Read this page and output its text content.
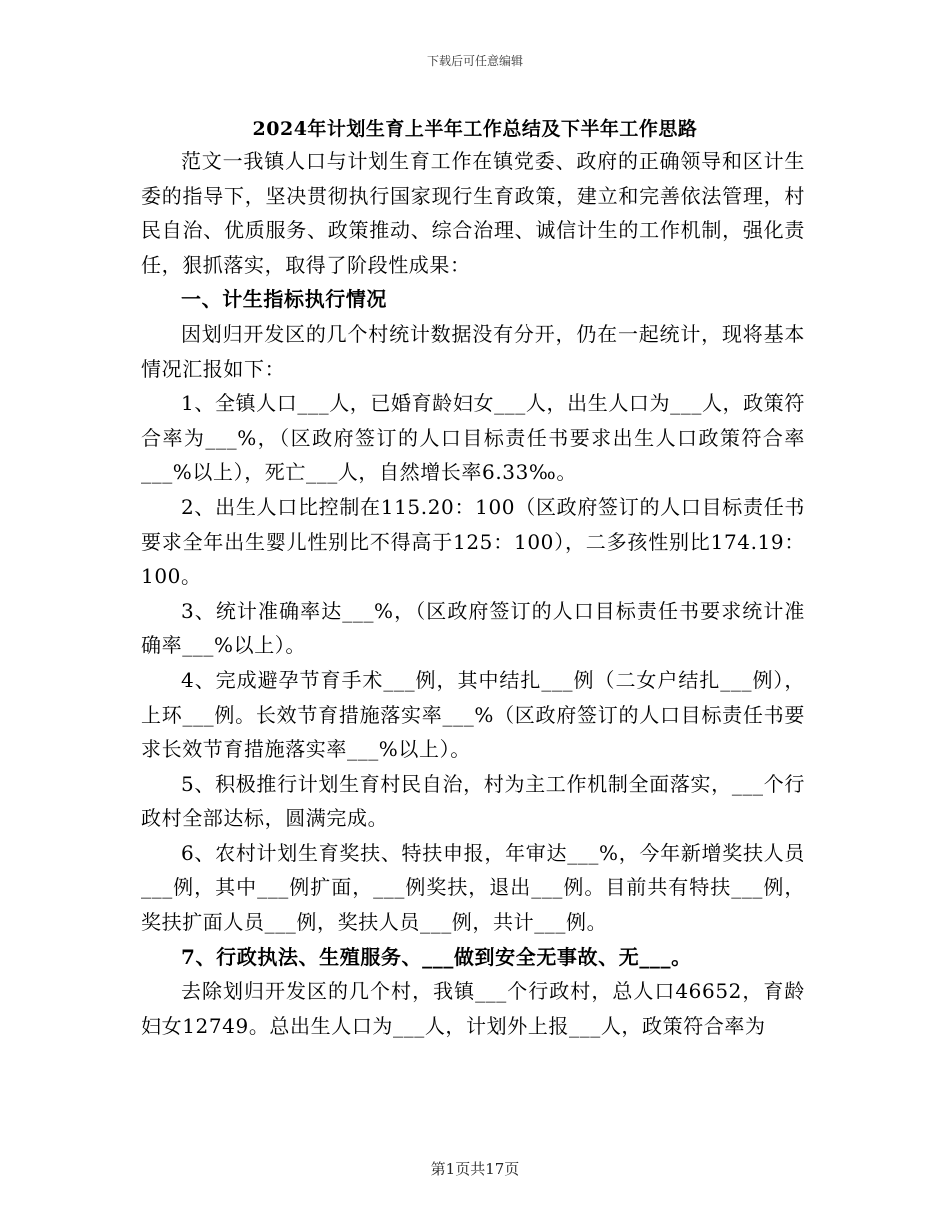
下载后可任意编辑
2024年计划生育上半年工作总结及下半年工作思路

范文一我镇人口与计划生育工作在镇党委、政府的正确领导和区计生委的指导下，坚决贯彻执行国家现行生育政策，建立和完善依法管理，村民自治、优质服务、政策推动、综合治理、诚信计生的工作机制，强化责任，狠抓落实，取得了阶段性成果：

一、计生指标执行情况

因划归开发区的几个村统计数据没有分开，仍在一起统计，现将基本情况汇报如下：

1、全镇人口___人，已婚育龄妇女___人，出生人口为___人，政策符合率为___%，（区政府签订的人口目标责任书要求出生人口政策符合率___%以上），死亡___人，自然增长率6.33‰。

2、出生人口比控制在115.20：100（区政府签订的人口目标责任书要求全年出生婴儿性别比不得高于125：100），二多孩性别比174.19：100。

3、统计准确率达___%，（区政府签订的人口目标责任书要求统计准确率___%以上）。

4、完成避孕节育手术___例，其中结扎___例（二女户结扎___例），上环___例。长效节育措施落实率___%（区政府签订的人口目标责任书要求长效节育措施落实率___%以上）。

5、积极推行计划生育村民自治，村为主工作机制全面落实，___个行政村全部达标，圆满完成。

6、农村计划生育奖扶、特扶申报，年审达___%，今年新增奖扶人员___例，其中___例扩面，___例奖扶，退出___例。目前共有特扶___例，奖扶扩面人员___例，奖扶人员___例，共计___例。

7、行政执法、生殖服务、___做到安全无事故、无___。

去除划归开发区的几个村，我镇___个行政村，总人口46652，育龄妇女12749。总出生人口为___人，计划外上报___人，政策符合率为

第1页共17页
